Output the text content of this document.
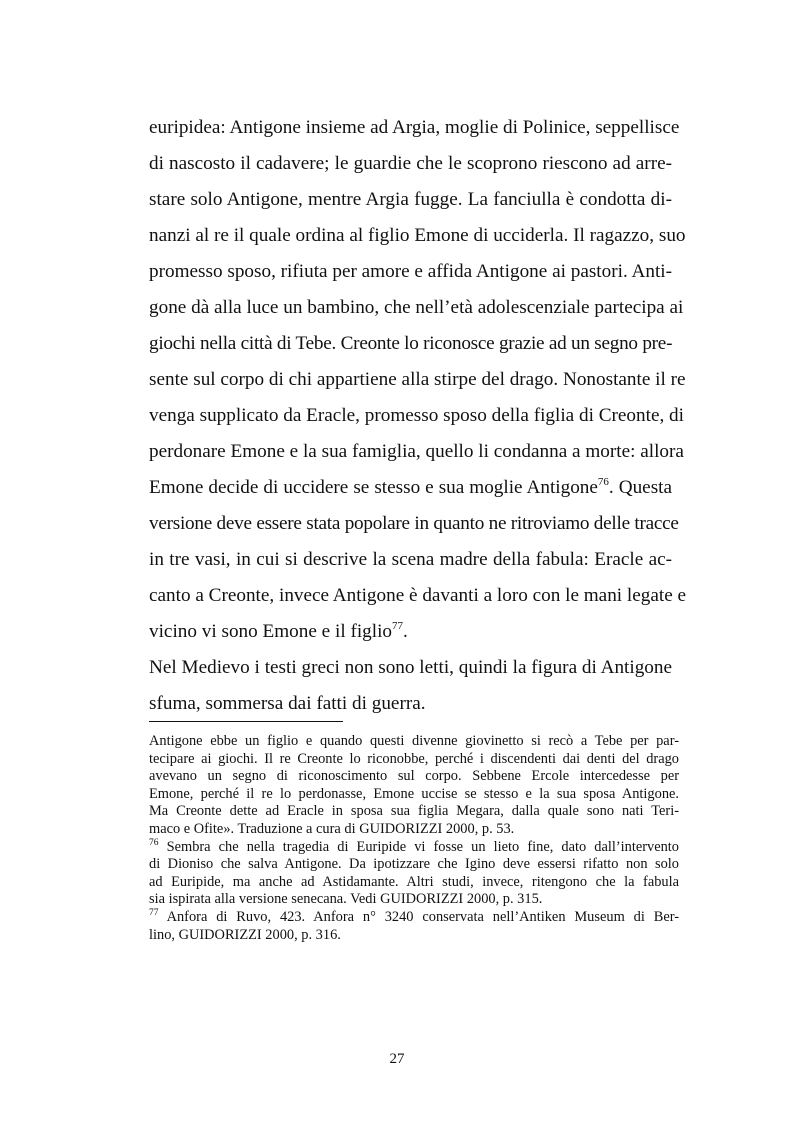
euripidea: Antigone insieme ad Argia, moglie di Polinice, seppellisce
di nascosto il cadavere; le guardie che le scoprono riescono ad arre-
stare solo Antigone, mentre Argia fugge. La fanciulla è condotta di-
nanzi al re il quale ordina al figlio Emone di ucciderla. Il ragazzo, suo
promesso sposo, rifiuta per amore e affida Antigone ai pastori. Anti-
gone dà alla luce un bambino, che nell’età adolescenziale partecipa ai
giochi nella città di Tebe. Creonte lo riconosce grazie ad un segno pre-
sente sul corpo di chi appartiene alla stirpe del drago. Nonostante il re
venga supplicato da Eracle, promesso sposo della figlia di Creonte, di
perdonare Emone e la sua famiglia, quello li condanna a morte: allora
Emone decide di uccidere se stesso e sua moglie Antigone$^{76}$. Questa
versione deve essere stata popolare in quanto ne ritroviamo delle tracce
in tre vasi, in cui si descrive la scena madre della fabula: Eracle ac-
canto a Creonte, invece Antigone è davanti a loro con le mani legate e
vicino vi sono Emone e il figlio$^{77}$.
Nel Medievo i testi greci non sono letti, quindi la figura di Antigone
sfuma, sommersa dai fatti di guerra.
Antigone ebbe un figlio e quando questi divenne giovinetto si recò a Tebe per par-
tecipare ai giochi. Il re Creonte lo riconobbe, perché i discendenti dai denti del drago
avevano un segno di riconoscimento sul corpo. Sebbene Ercole intercedesse per
Emone, perché il re lo perdonasse, Emone uccise se stesso e la sua sposa Antigone.
Ma Creonte dette ad Eracle in sposa sua figlia Megara, dalla quale sono nati Teri-
maco e Ofite». Traduzione a cura di GUIDORIZZI 2000, p. 53.
$^{76}$ Sembra che nella tragedia di Euripide vi fosse un lieto fine, dato dall’intervento
di Dioniso che salva Antigone. Da ipotizzare che Igino deve essersi rifatto non solo
ad Euripide, ma anche ad Astidamante. Altri studi, invece, ritengono che la fabula
sia ispirata alla versione senecana. Vedi GUIDORIZZI 2000, p. 315.
$^{77}$ Anfora di Ruvo, 423. Anfora n° 3240 conservata nell’Antiken Museum di Ber-
lino, GUIDORIZZI 2000, p. 316.
27
